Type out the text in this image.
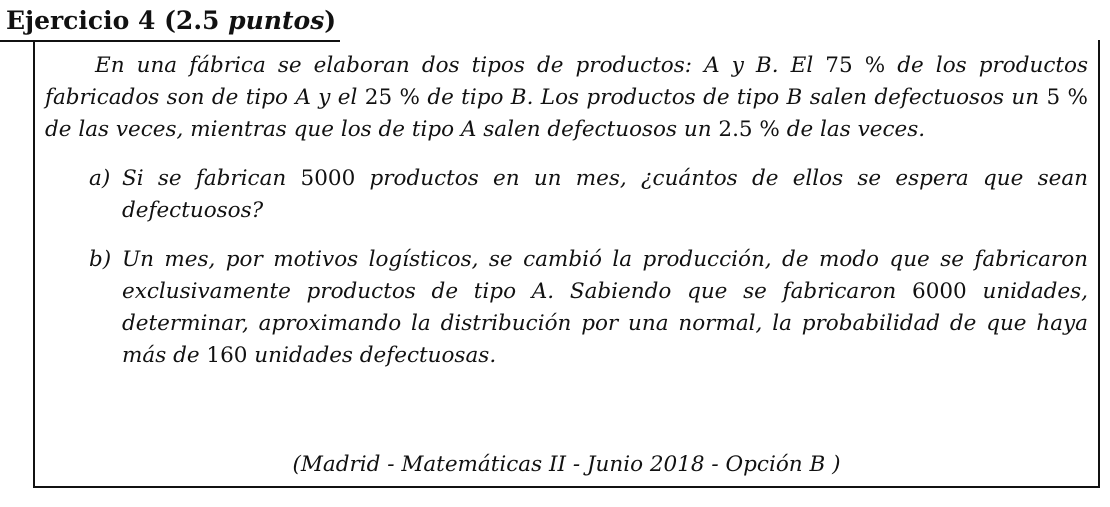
Ejercicio 4 (2.5 puntos)

En una fábrica se elaboran dos tipos de productos: A y B. El 75 % de los productos fabricados son de tipo A y el 25 % de tipo B. Los productos de tipo B salen defectuosos un 5 % de las veces, mientras que los de tipo A salen defectuosos un 2.5 % de las veces.

a) Si se fabrican 5000 productos en un mes, ¿cuántos de ellos se espera que sean defectuosos?
b) Un mes, por motivos logísticos, se cambió la producción, de modo que se fabricaron exclusivamente productos de tipo A. Sabiendo que se fabricaron 6000 unidades, determinar, aproximando la distribución por una normal, la probabilidad de que haya más de 160 unidades defectuosas.
(Madrid - Matemáticas II - Junio 2018 - Opción B )
